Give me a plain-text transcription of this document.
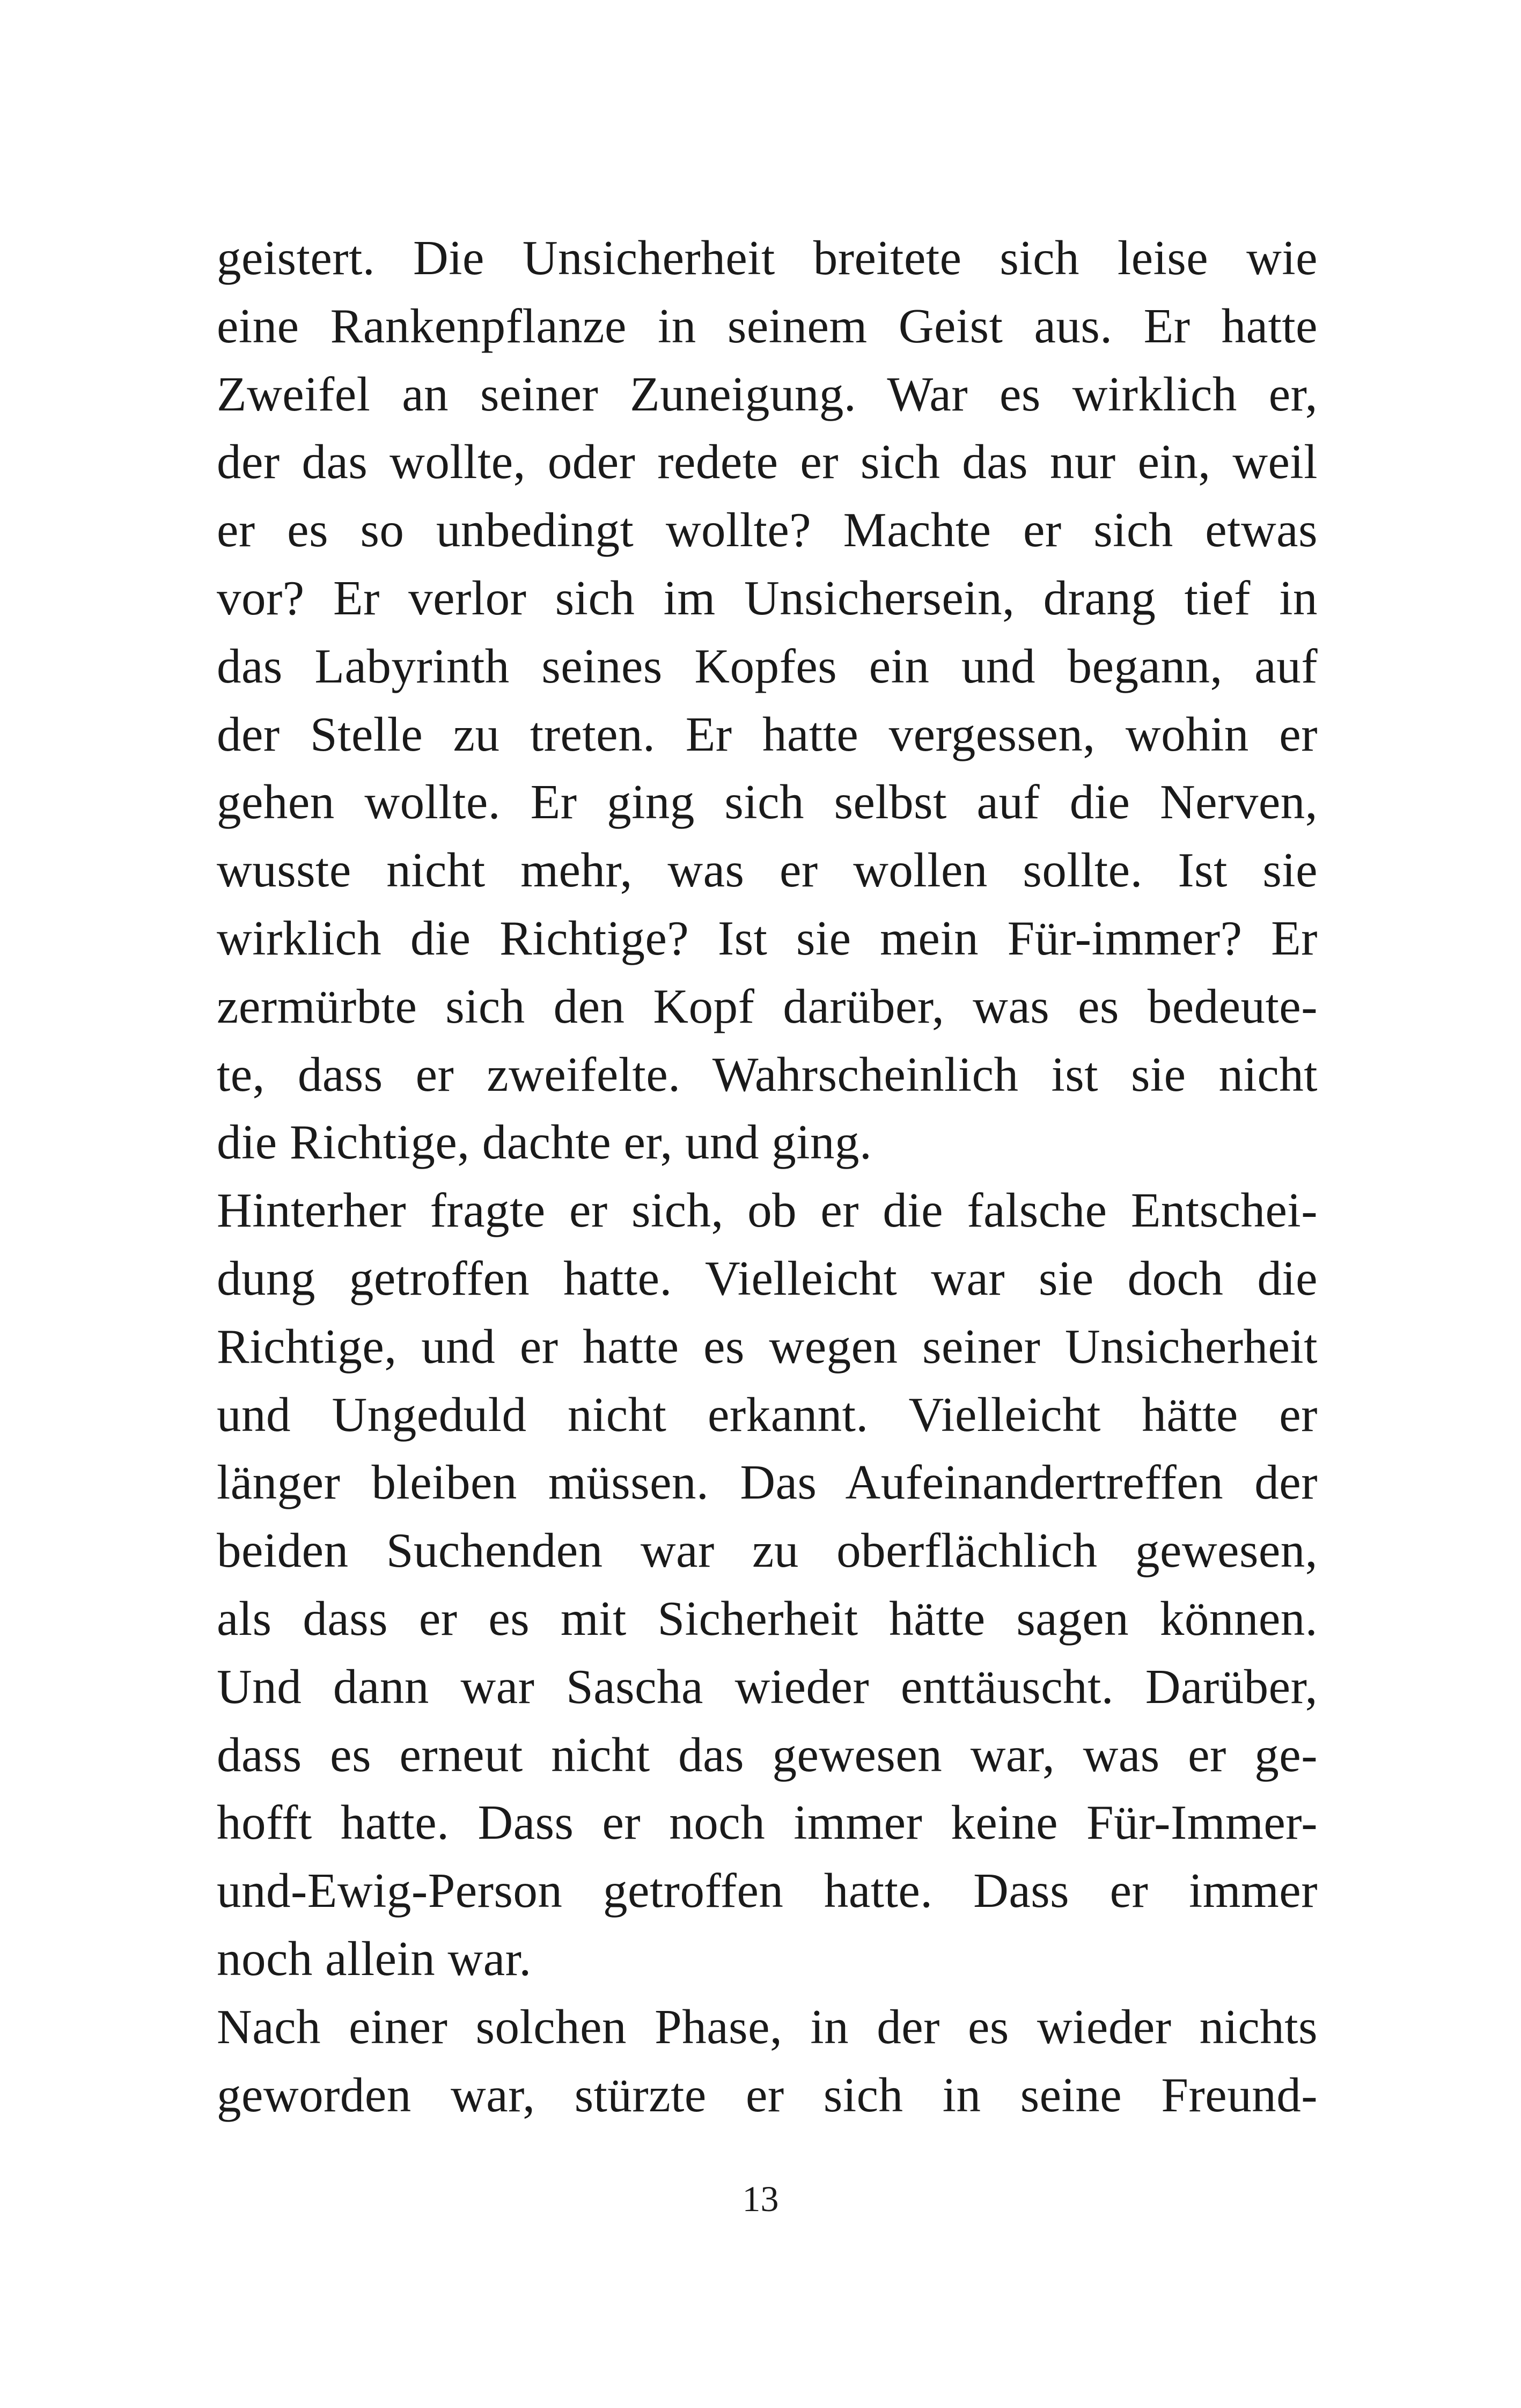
geistert. Die Unsicherheit breitete sich leise wie
eine Rankenpflanze in seinem Geist aus. Er hatte
Zweifel an seiner Zuneigung. War es wirklich er,
der das wollte, oder redete er sich das nur ein, weil
er es so unbedingt wollte? Machte er sich etwas
vor? Er verlor sich im Unsichersein, drang tief in
das Labyrinth seines Kopfes ein und begann, auf
der Stelle zu treten. Er hatte vergessen, wohin er
gehen wollte. Er ging sich selbst auf die Nerven,
wusste nicht mehr, was er wollen sollte. Ist sie
wirklich die Richtige? Ist sie mein Für-immer? Er
zermürbte sich den Kopf darüber, was es bedeute-
te, dass er zweifelte. Wahrscheinlich ist sie nicht
die Richtige, dachte er, und ging.
Hinterher fragte er sich, ob er die falsche Entschei-
dung getroffen hatte. Vielleicht war sie doch die
Richtige, und er hatte es wegen seiner Unsicherheit
und Ungeduld nicht erkannt. Vielleicht hätte er
länger bleiben müssen. Das Aufeinandertreffen der
beiden Suchenden war zu oberflächlich gewesen,
als dass er es mit Sicherheit hätte sagen können.
Und dann war Sascha wieder enttäuscht. Darüber,
dass es erneut nicht das gewesen war, was er ge-
hofft hatte. Dass er noch immer keine Für-Immer-
und-Ewig-Person getroffen hatte. Dass er immer
noch allein war.
Nach einer solchen Phase, in der es wieder nichts
geworden war, stürzte er sich in seine Freund-
13
